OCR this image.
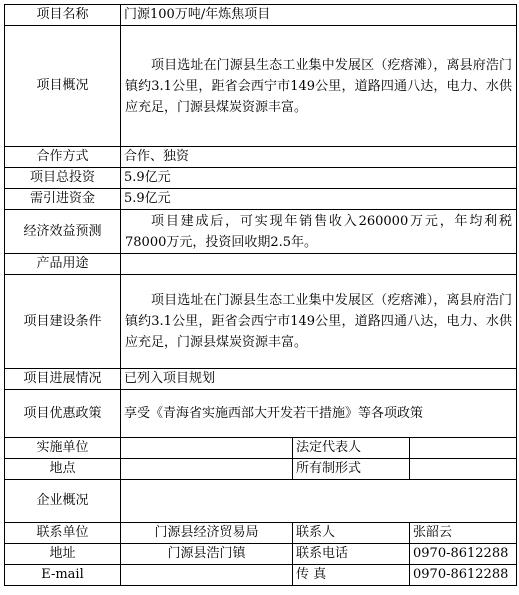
项目名称	门源100万吨/年炼焦项目		
项目概况	项目选址在门源县生态工业集中发展区（疙瘩滩），离县府浩门镇约3.1公里，距省会西宁市149公里，道路四通八达，电力、水供应充足，门源县煤炭资源丰富。		
合作方式	合作、独资		
项目总投资	5.9亿元		
需引进资金	5.9亿元		
经济效益预测	项目建成后，可实现年销售收入260000万元，年均利税78000万元，投资回收期2.5年。		
产品用途			
项目建设条件	项目选址在门源县生态工业集中发展区（疙瘩滩），离县府浩门镇约3.1公里，距省会西宁市149公里，道路四通八达，电力、水供应充足，门源县煤炭资源丰富。		
项目进展情况	已列入项目规划		
项目优惠政策	享受《青海省实施西部大开发若干措施》等各项政策		
实施单位		法定代表人	
地点		所有制形式	
企业概况			
联系单位	门源县经济贸易局	联系人	张韶云
地址	门源县浩门镇	联系电话	0970-8612288
E-mail		传 真	0970-8612288
